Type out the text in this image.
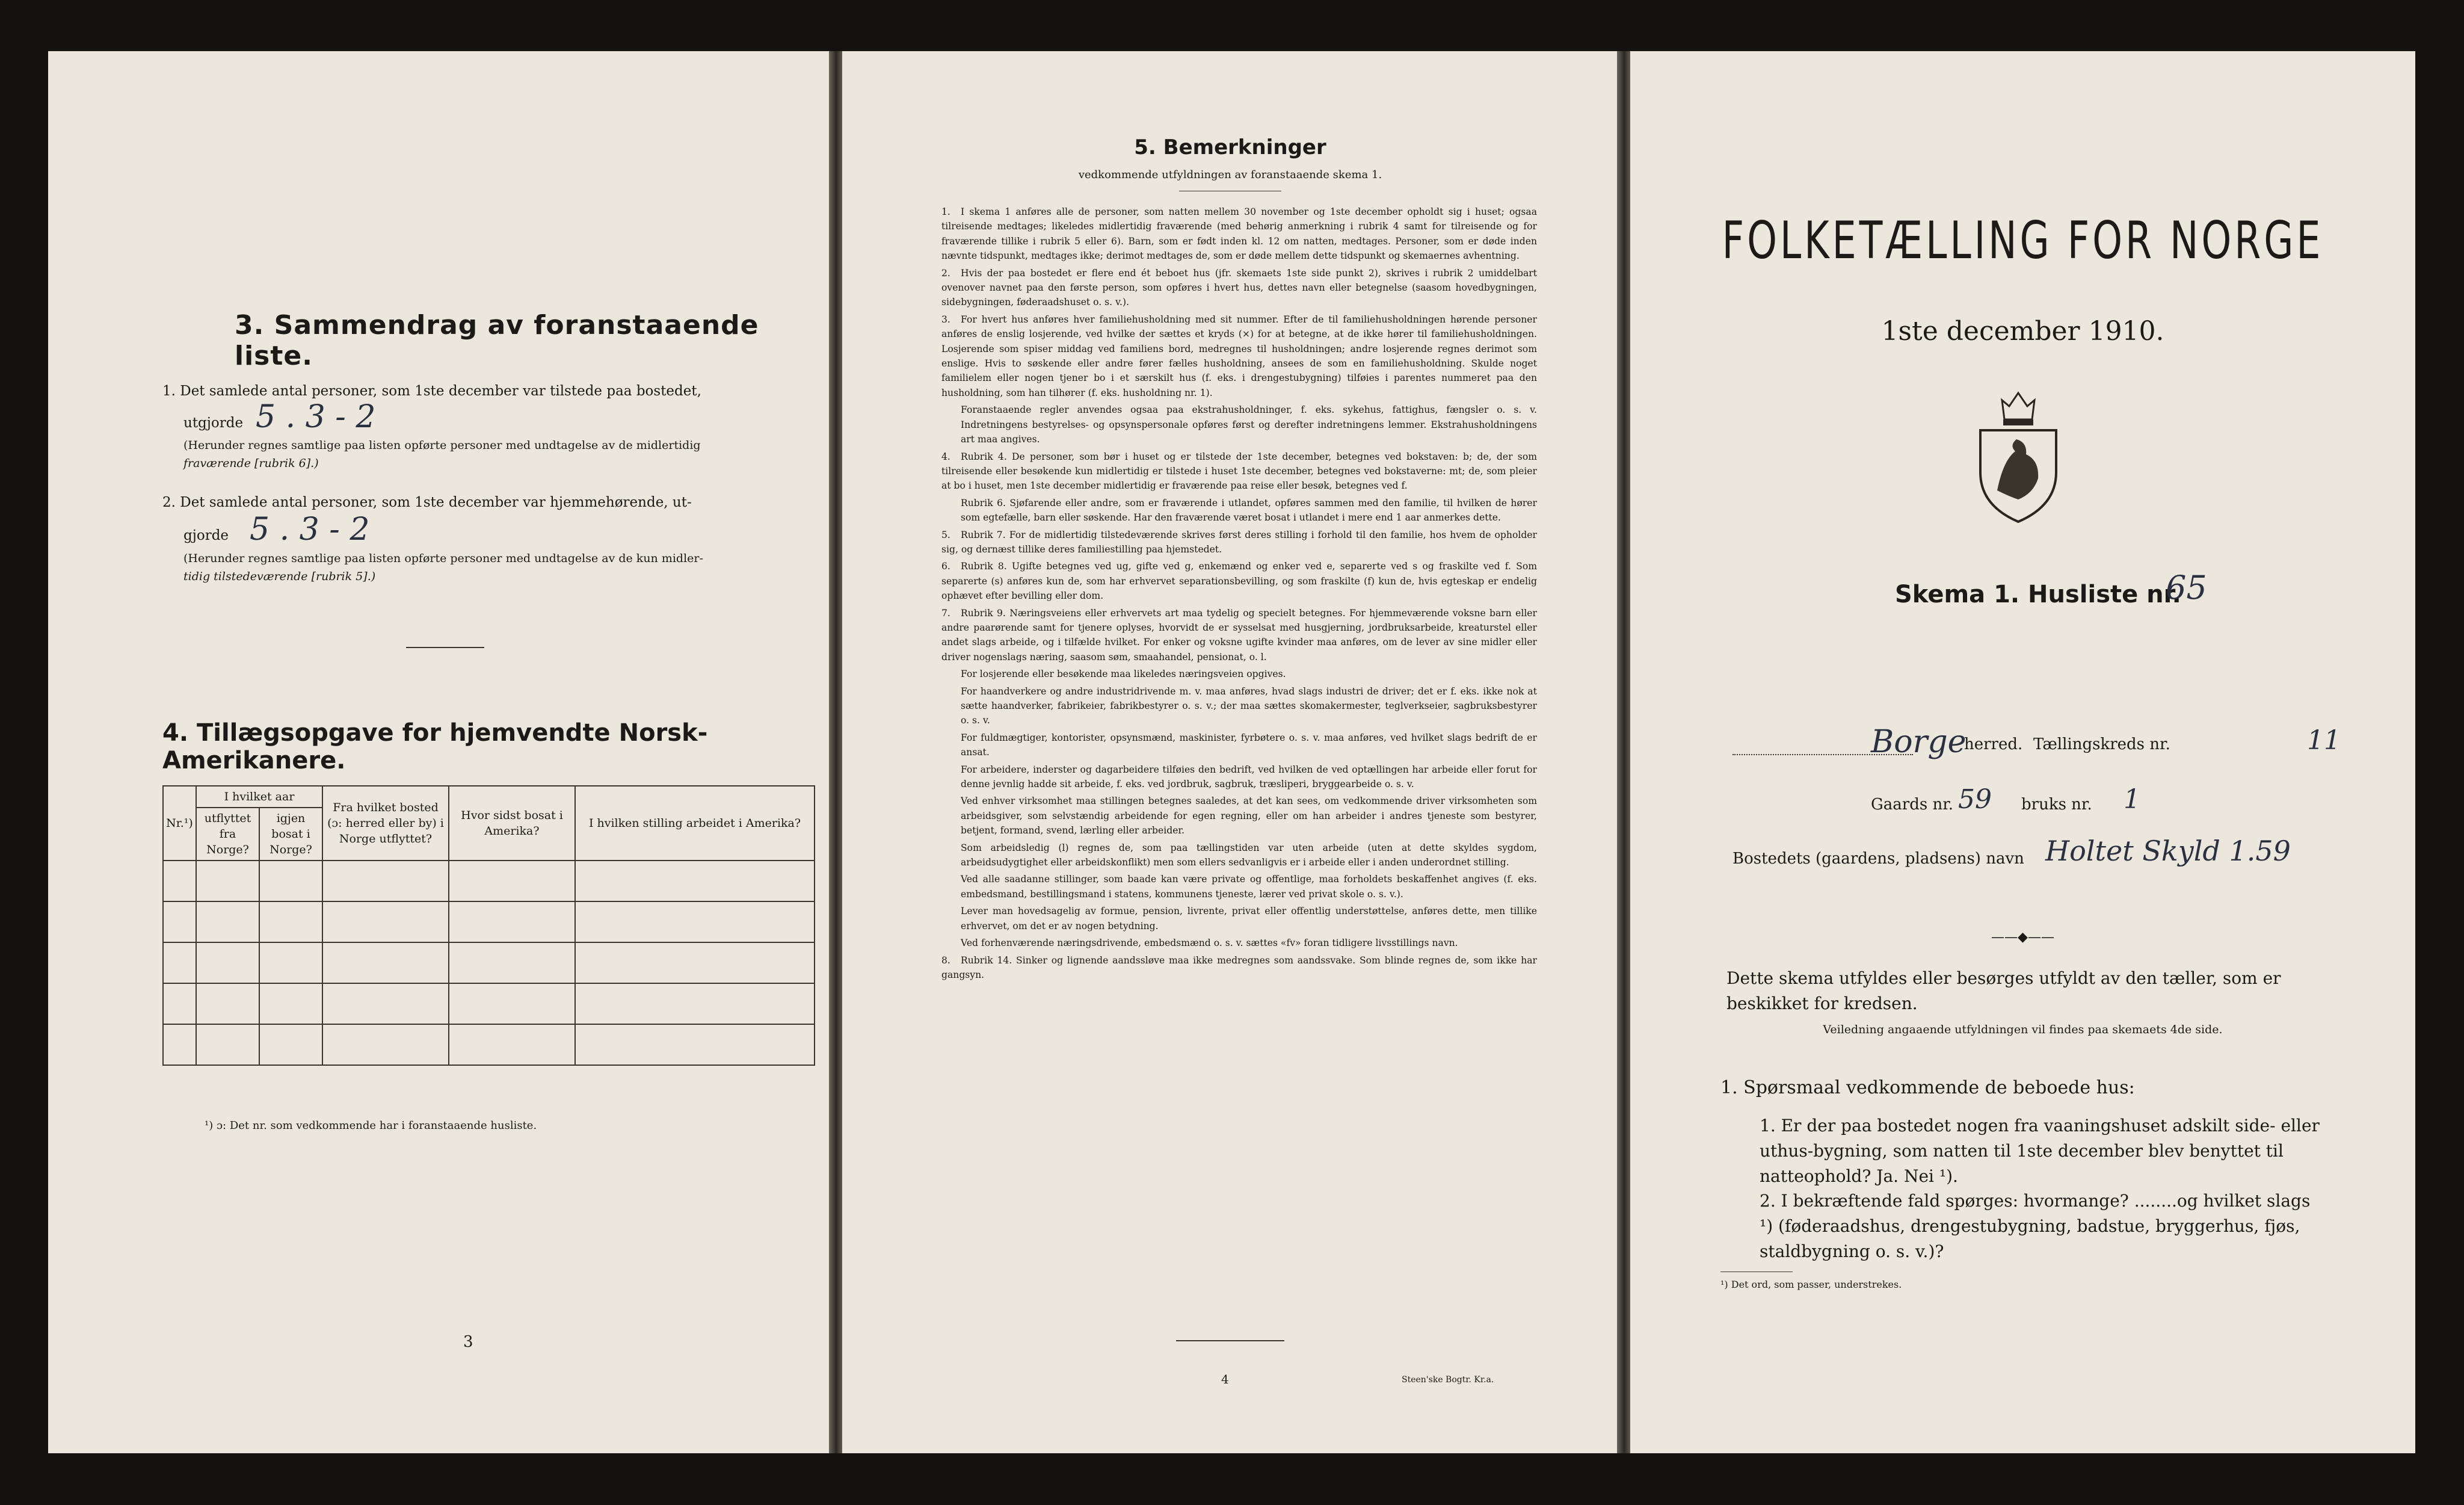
3. Sammendrag av foranstaaende liste.
1. Det samlede antal personer, som 1ste december var tilstede paa bostedet,
utgjorde 5 . 3 - 2
(Herunder regnes samtlige paa listen opførte personer med undtagelse av de midlertidig
fraværende [rubrik 6].)
2. Det samlede antal personer, som 1ste december var hjemmehørende, ut-
gjorde 5 . 3 - 2
(Herunder regnes samtlige paa listen opførte personer med undtagelse av de kun midler-
tidig tilstedeværende [rubrik 5].)
4. Tillægsopgave for hjemvendte Norsk-Amerikanere.
Nr.¹)	I hvilket aar		Fra hvilket bosted (ɔ: herred eller by) i Norge utflyttet?	Hvor sidst bosat i Amerika?	I hvilken stilling arbeidet i Amerika?
	utflyttet fra Norge?	igjen bosat i Norge?			

¹) ɔ: Det nr. som vedkommende har i foranstaaende husliste.
3
5. Bemerkninger
vedkommende utfyldningen av foranstaaende skema 1.

1. I skema 1 anføres alle de personer, som natten mellem 30 november og 1ste december opholdt sig i huset; ogsaa tilreisende medtages; likeledes midlertidig fraværende (med behørig anmerkning i rubrik 4 samt for tilreisende og for fraværende tillike i rubrik 5 eller 6). Barn, som er født inden kl. 12 om natten, medtages. Personer, som er døde inden nævnte tidspunkt, medtages ikke; derimot medtages de, som er døde mellem dette tidspunkt og skemaernes avhentning.

2. Hvis der paa bostedet er flere end ét beboet hus (jfr. skemaets 1ste side punkt 2), skrives i rubrik 2 umiddelbart ovenover navnet paa den første person, som opføres i hvert hus, dettes navn eller betegnelse (saasom hovedbygningen, sidebygningen, føderaadshuset o. s. v.).

3. For hvert hus anføres hver familiehusholdning med sit nummer. Efter de til familiehusholdningen hørende personer anføres de enslig losjerende, ved hvilke der sættes et kryds (×) for at betegne, at de ikke hører til familiehusholdningen. Losjerende som spiser middag ved familiens bord, medregnes til husholdningen; andre losjerende regnes derimot som enslige. Hvis to søskende eller andre fører fælles husholdning, ansees de som en familiehusholdning. Skulde noget familielem eller nogen tjener bo i et særskilt hus (f. eks. i drengestubygning) tilføies i parentes nummeret paa den husholdning, som han tilhører (f. eks. husholdning nr. 1).

Foranstaaende regler anvendes ogsaa paa ekstrahusholdninger, f. eks. sykehus, fattighus, fængsler o. s. v. Indretningens bestyrelses- og opsynspersonale opføres først og derefter indretningens lemmer. Ekstrahusholdningens art maa angives.

4. Rubrik 4. De personer, som bør i huset og er tilstede der 1ste december, betegnes ved bokstaven: b; de, der som tilreisende eller besøkende kun midlertidig er tilstede i huset 1ste december, betegnes ved bokstaverne: mt; de, som pleier at bo i huset, men 1ste december midlertidig er fraværende paa reise eller besøk, betegnes ved f.

Rubrik 6. Sjøfarende eller andre, som er fraværende i utlandet, opføres sammen med den familie, til hvilken de hører som egtefælle, barn eller søskende. Har den fraværende været bosat i utlandet i mere end 1 aar anmerkes dette.

5. Rubrik 7. For de midlertidig tilstedeværende skrives først deres stilling i forhold til den familie, hos hvem de opholder sig, og dernæst tillike deres familiestilling paa hjemstedet.

6. Rubrik 8. Ugifte betegnes ved ug, gifte ved g, enkemænd og enker ved e, separerte ved s og fraskilte ved f. Som separerte (s) anføres kun de, som har erhvervet separationsbevilling, og som fraskilte (f) kun de, hvis egteskap er endelig ophævet efter bevilling eller dom.

7. Rubrik 9. Næringsveiens eller erhvervets art maa tydelig og specielt betegnes. For hjemmeværende voksne barn eller andre paarørende samt for tjenere oplyses, hvorvidt de er sysselsat med husgjerning, jordbruksarbeide, kreaturstel eller andet slags arbeide, og i tilfælde hvilket. For enker og voksne ugifte kvinder maa anføres, om de lever av sine midler eller driver nogenslags næring, saasom søm, smaahandel, pensionat, o. l.

For losjerende eller besøkende maa likeledes næringsveien opgives.

For haandverkere og andre industridrivende m. v. maa anføres, hvad slags industri de driver; det er f. eks. ikke nok at sætte haandverker, fabrikeier, fabrikbestyrer o. s. v.; der maa sættes skomakermester, teglverkseier, sagbruksbestyrer o. s. v.

For fuldmægtiger, kontorister, opsynsmænd, maskinister, fyrbøtere o. s. v. maa anføres, ved hvilket slags bedrift de er ansat.

For arbeidere, inderster og dagarbeidere tilføies den bedrift, ved hvilken de ved optællingen har arbeide eller forut for denne jevnlig hadde sit arbeide, f. eks. ved jordbruk, sagbruk, træsliperi, bryggearbeide o. s. v.

Ved enhver virksomhet maa stillingen betegnes saaledes, at det kan sees, om vedkommende driver virksomheten som arbeidsgiver, som selvstændig arbeidende for egen regning, eller om han arbeider i andres tjeneste som bestyrer, betjent, formand, svend, lærling eller arbeider.

Som arbeidsledig (l) regnes de, som paa tællingstiden var uten arbeide (uten at dette skyldes sygdom, arbeidsudygtighet eller arbeidskonflikt) men som ellers sedvanligvis er i arbeide eller i anden underordnet stilling.

Ved alle saadanne stillinger, som baade kan være private og offentlige, maa forholdets beskaffenhet angives (f. eks. embedsmand, bestillingsmand i statens, kommunens tjeneste, lærer ved privat skole o. s. v.).

Lever man hovedsagelig av formue, pension, livrente, privat eller offentlig understøttelse, anføres dette, men tillike erhvervet, om det er av nogen betydning.

Ved forhenværende næringsdrivende, embedsmænd o. s. v. sættes «fv» foran tidligere livsstillings navn.

8. Rubrik 14. Sinker og lignende aandssløve maa ikke medregnes som aandssvake. Som blinde regnes de, som ikke har gangsyn.

4	Steen'ske Bogtr. Kr.a.
FOLKETÆLLING FOR NORGE
1ste december 1910.
Skema 1. Husliste nr.
65
Borge
herred. Tællingskreds nr.	11
Gaards nr. 59 bruks nr. 1
Bostedets (gaardens, pladsens) navn Holtet Skyld 1.59
——◆——
Dette skema utfyldes eller besørges utfyldt av den tæller, som er beskikket for kredsen.
Veiledning angaaende utfyldningen vil findes paa skemaets 4de side.
1. Spørsmaal vedkommende de beboede hus:
1. Er der paa bostedet nogen fra vaaningshuset adskilt side- eller uthus-bygning, som natten til 1ste december blev benyttet til natteophold? Ja. Nei ¹).
2. I bekræftende fald spørges: hvormange? ........og hvilket slags ¹) (føderaadshus, drengestubygning, badstue, bryggerhus, fjøs, staldbygning o. s. v.)?
¹) Det ord, som passer, understrekes.
